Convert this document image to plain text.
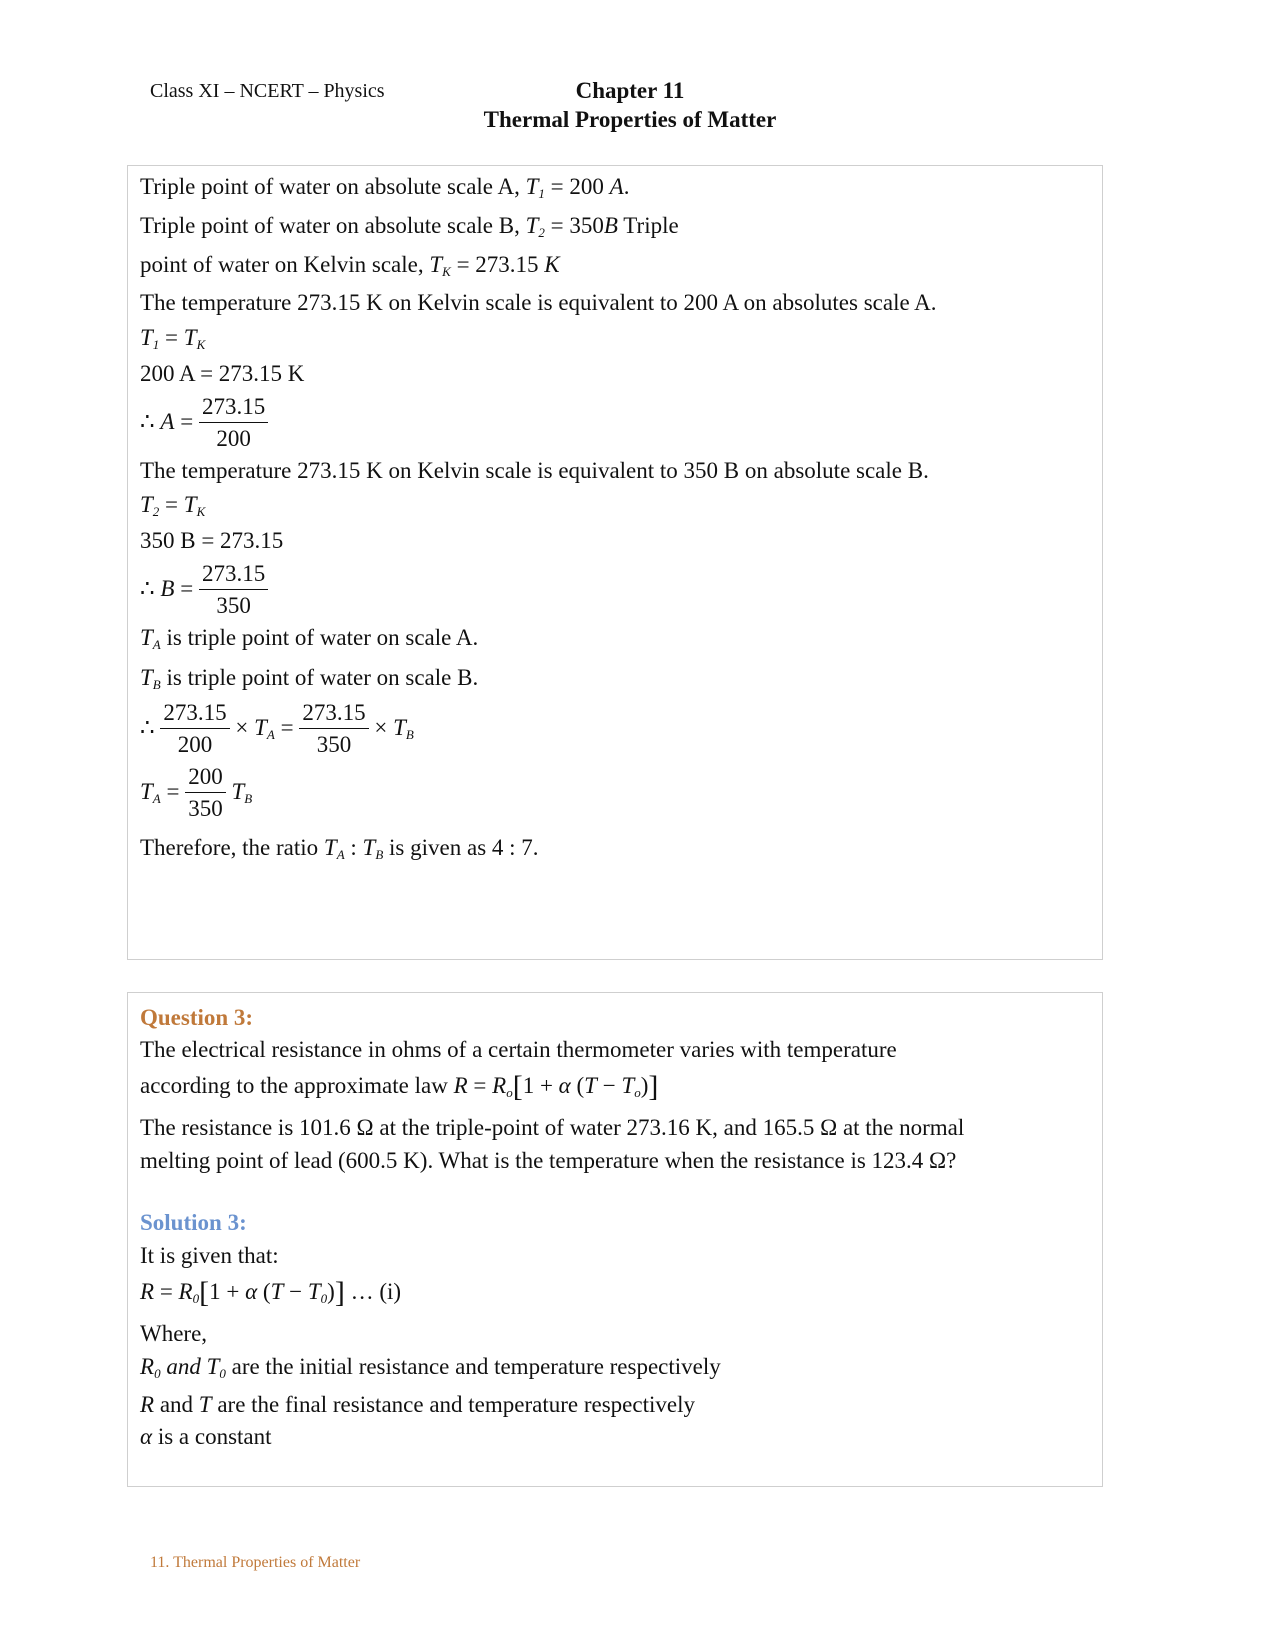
Class XI – NCERT – Physics	Chapter 11
Thermal Properties of Matter
Triple point of water on absolute scale A, $T_1 = 200$ A.
Triple point of water on absolute scale B, $T_2 = 350B$ Triple
point of water on Kelvin scale, $T_K = 273.15$ K
The temperature 273.15 K on Kelvin scale is equivalent to 200 A on absolutes scale A.
$T_1 = T_K$
200 A = 273.15 K
∴ $A = \frac{273.15}{200}$
The temperature 273.15 K on Kelvin scale is equivalent to 350 B on absolute scale B.
$T_2 = T_K$
350 B = 273.15
∴ $B = \frac{273.15}{350}$
$T_A$ is triple point of water on scale A.
$T_B$ is triple point of water on scale B.
∴ $\frac{273.15}{200} \times T_A = \frac{273.15}{350} \times T_B$
$T_A = \frac{200}{350} T_B$
Therefore, the ratio $T_A$ : $T_B$ is given as 4 : 7.
Question 3:
The electrical resistance in ohms of a certain thermometer varies with temperature
according to the approximate law $R = R_o[1 + \alpha$ $(T - T_o)$]
The resistance is 101.6 Ω at the triple-point of water 273.16 K, and 165.5 Ω at the normal
melting point of lead (600.5 K). What is the temperature when the resistance is 123.4 Ω?
Solution 3:
It is given that:
$R = R_0[1 + \alpha$ $(T - T_0)$] … (i)
Where,
$R_0$ and $T_0$ are the initial resistance and temperature respectively
R and T are the final resistance and temperature respectively
α is a constant
11. Thermal Properties of Matter
